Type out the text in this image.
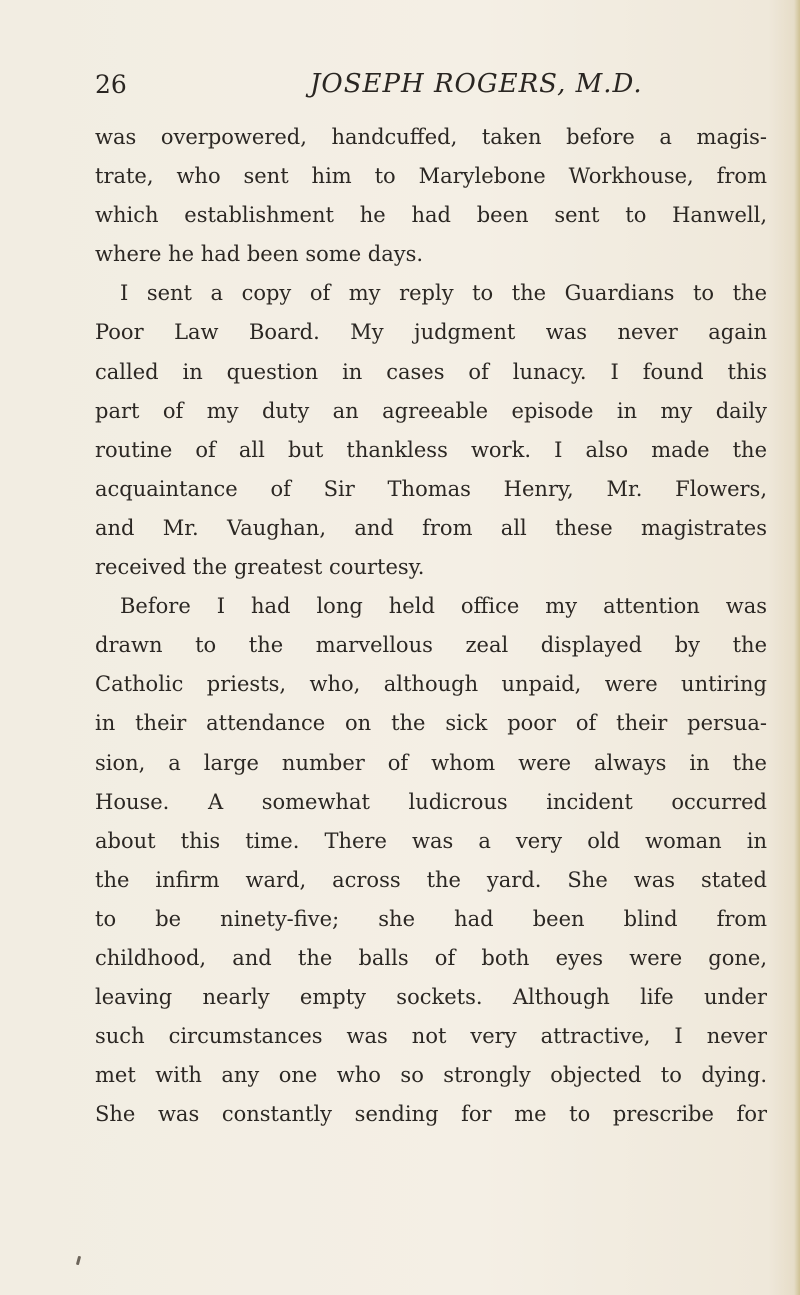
26	JOSEPH ROGERS, M.D.
was overpowered, handcuffed, taken before a magis-
trate, who sent him to Marylebone Workhouse, from
which establishment he had been sent to Hanwell,
where he had been some days.
I sent a copy of my reply to the Guardians to the
Poor Law Board. My judgment was never again
called in question in cases of lunacy. I found this
part of my duty an agreeable episode in my daily
routine of all but thankless work. I also made the
acquaintance of Sir Thomas Henry, Mr. Flowers,
and Mr. Vaughan, and from all these magistrates
received the greatest courtesy.
Before I had long held office my attention was
drawn to the marvellous zeal displayed by the
Catholic priests, who, although unpaid, were untiring
in their attendance on the sick poor of their persua-
sion, a large number of whom were always in the
House. A somewhat ludicrous incident occurred
about this time. There was a very old woman in
the infirm ward, across the yard. She was stated
to be ninety-five; she had been blind from
childhood, and the balls of both eyes were gone,
leaving nearly empty sockets. Although life under
such circumstances was not very attractive, I never
met with any one who so strongly objected to dying.
She was constantly sending for me to prescribe for
